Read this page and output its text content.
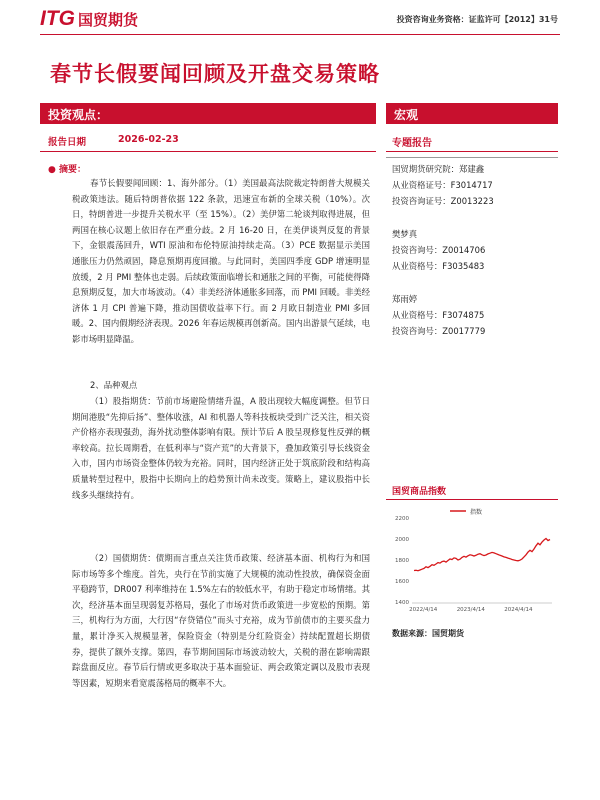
ITG 国贸期货	投资咨询业务资格：证监许可【2012】31号
春节长假要闻回顾及开盘交易策略
投资观点：	宏观
报告日期	2026-02-23	专题报告
● 摘要：
春节长假要闻回顾：1、海外部分。（1）美国最高法院裁定特朗普大规模关税政策违法。随后特朗普依据 122 条款，迅速宣布新的全球关税（10%）。次日，特朗普进一步提升关税水平（至 15%）。（2）美伊第二轮谈判取得进展，但两国在核心议题上依旧存在严重分歧。2 月 16-20 日，在美伊谈判反复的背景下，金银震荡回升，WTI 原油和布伦特原油持续走高。（3）PCE 数据显示美国通胀压力仍然顽固，降息预期再度回撤。与此同时，美国四季度 GDP 增速明显放缓，2 月 PMI 整体也走弱。后续政策面临增长和通胀之间的平衡，可能使得降息预期反复，加大市场波动。（4）非美经济体通胀多回落，而 PMI 回暖。非美经济体 1 月 CPI 普遍下降，推动国债收益率下行。而 2 月欧日制造业 PMI 多回暖。2、国内假期经济表现。2026 年春运规模再创新高。国内出游景气延续，电影市场明显降温。
2、品种观点
（1）股指期货：节前市场避险情绪升温，A 股出现较大幅度调整。但节日期间港股“先抑后扬”、整体收涨，AI 和机器人等科技板块受到广泛关注，相关资产价格亦表现强劲，海外扰动整体影响有限。预计节后 A 股呈现修复性反弹的概率较高。拉长周期看，在低利率与“资产荒”的大背景下，叠加政策引导长线资金入市，国内市场资金整体仍较为充裕。同时，国内经济正处于筑底阶段和结构高质量转型过程中，股指中长期向上的趋势预计尚未改变。策略上，建议股指中长线多头继续持有。
（2）国债期货：债期而言重点关注货币政策、经济基本面、机构行为和国际市场等多个维度。首先，央行在节前实施了大规模的流动性投放，确保资金面平稳跨节，DR007 利率维持在 1.5%左右的较低水平，有助于稳定市场情绪。其次，经济基本面呈现弱复苏格局，强化了市场对货币政策进一步宽松的预期。第三，机构行为方面，大行因“存贷错位”而头寸充裕，成为节前债市的主要买盘力量，累计净买入规模显著，保险资金（特别是分红险资金）持续配置超长期债券，提供了额外支撑。第四，春节期间国际市场波动较大，关税的潜在影响需跟踪盘面反应。春节后行情或更多取决于基本面验证、两会政策定调以及股市表现等因素，短期来看宽震荡格局的概率不大。
国贸期货研究院：郑建鑫
从业资格证号：F3014717
投资咨询证号：Z0013223
樊梦真
投资咨询号：Z0014706
从业资格号：F3035483
郑雨婷
从业资格号：F3074875
投资咨询号：Z0017779
国贸商品指数
指数
1400
1600
1800
2000
2200
2022/4/14	2023/4/14	2024/4/14
数据来源：国贸期货
